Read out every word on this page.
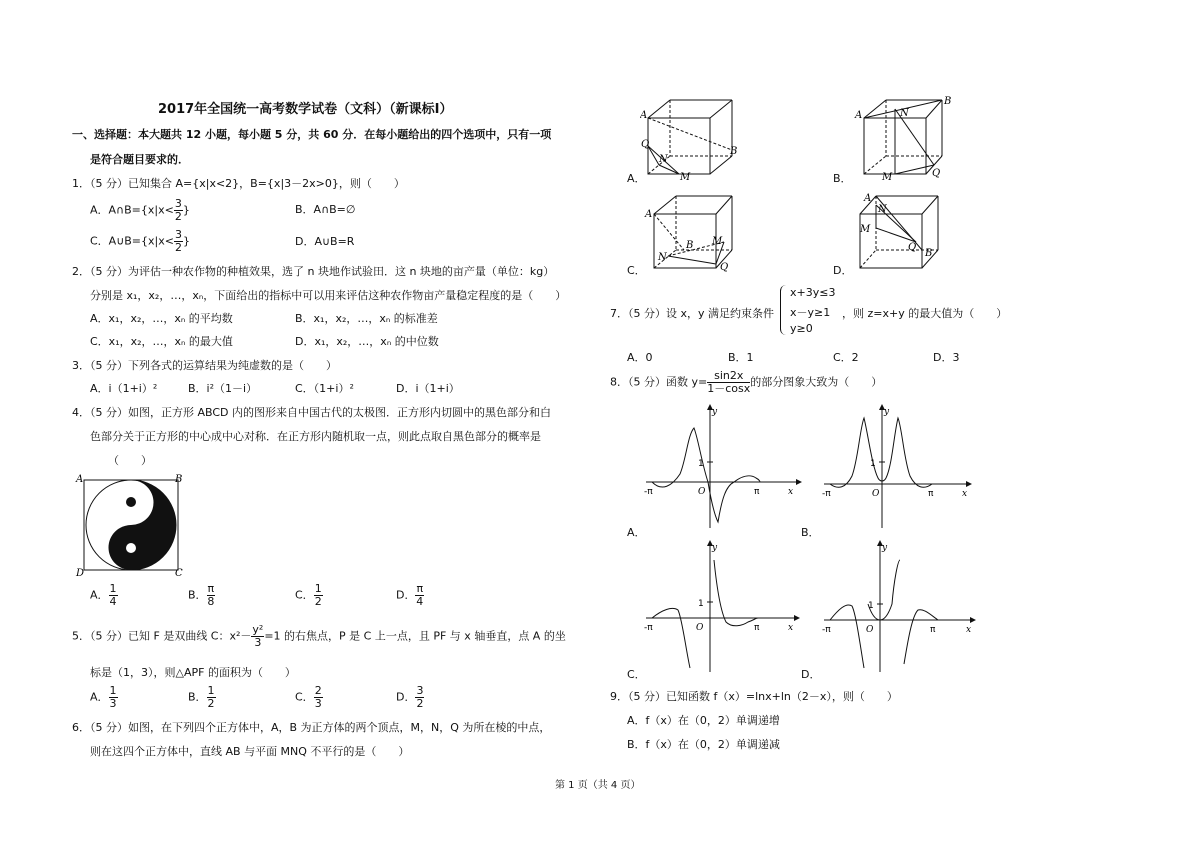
2017年全国统一高考数学试卷（文科）（新课标Ⅰ）
一、选择题：本大题共 12 小题，每小题 5 分，共 60 分．在每小题给出的四个选项中，只有一项
是符合题目要求的．
1．（5 分）已知集合 A={x|x<2}，B={x|3－2x>0}，则（　　）
A．A∩B={x|x< $\frac{3}{2}$ }	B．A∩B=∅
C．A∪B={x|x< $\frac{3}{2}$ }	D．A∪B=R
2．（5 分）为评估一种农作物的种植效果，选了 n 块地作试验田．这 n 块地的亩产量（单位：kg）
分别是 x₁，x₂，…，xₙ，下面给出的指标中可以用来评估这种农作物亩产量稳定程度的是（　　）
A．x₁，x₂，…，xₙ 的平均数	B．x₁，x₂，…，xₙ 的标准差
C．x₁，x₂，…，xₙ 的最大值	D．x₁，x₂，…，xₙ 的中位数
3．（5 分）下列各式的运算结果为纯虚数的是（　　）
A．i（1+i）²	B．i²（1－i）	C．（1+i）²	D．i（1+i）
4．（5 分）如图，正方形 ABCD 内的图形来自中国古代的太极图．正方形内切圆中的黑色部分和白
色部分关于正方形的中心成中心对称．在正方形内随机取一点，则此点取自黑色部分的概率是
（　　）
A	B
C
D
A． $\frac{1}{4}$	B． $\frac{\pi}{8}$	C． $\frac{1}{2}$	D． $\frac{\pi}{4}$
5．（5 分）已知 F 是双曲线 C：$x^2- \frac{\text{y²}}{3} =1$ 的右焦点，P 是 C 上一点，且 PF 与 x 轴垂直，点 A 的坐
标是（1，3），则△APF 的面积为（　　）
A． $\frac{1}{3}$	B． $\frac{1}{2}$	C． $\frac{2}{3}$	D． $\frac{3}{2}$
6．（5 分）如图，在下列四个正方体中，A，B 为正方体的两个顶点，M，N，Q 为所在棱的中点，
则在这四个正方体中，直线 AB 与平面 MNQ 不平行的是（　　）
A
Q
N
M
B
A．
A
B
N
M	Q
B．
A
B
N
M
Q
C．
A
N
M
Q
B
D．
7．（5 分）设 x，y 满足约束条件
x+3y≤3
x－y≥1
y≥0
，则 z=x+y 的最大值为（　　）
A．0	B．1	C．2	D．3
8．（5 分）函数 $y= \frac{\sin 2x}{1-\cos x}$ 的部分图象大致为（　　）
y
x
1
O
-π	π
A．
y
x
1
O
-π	π
B．
y
x
1
O
-π	π
C．
y
x
1
O
-π	π
D．
9．（5 分）已知函数 f（x）=lnx+ln（2－x），则（　　）
A．f（x）在（0，2）单调递增
B．f（x）在（0，2）单调递减
第 1 页（共 4 页）
